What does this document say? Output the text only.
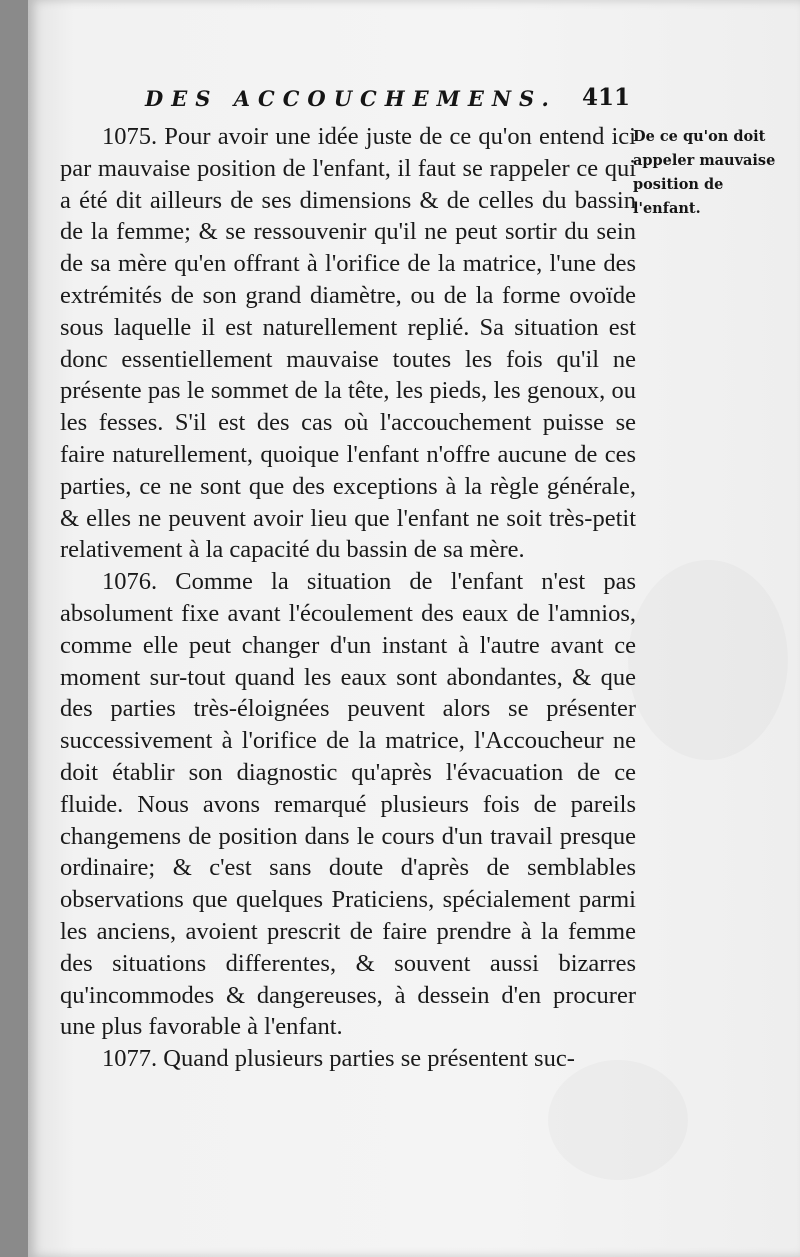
DES ACCOUCHEMENS. 411
De ce qu'on doit appeler mauvaise position de l'enfant.

1075. Pour avoir une idée juste de ce qu'on entend ici par mauvaise position de l'enfant, il faut se rappeler ce qui a été dit ailleurs de ses dimensions & de celles du bassin de la femme; & se ressouvenir qu'il ne peut sortir du sein de sa mère qu'en offrant à l'orifice de la matrice, l'une des extrémités de son grand diamètre, ou de la forme ovoïde sous laquelle il est naturellement replié. Sa situation est donc essentiellement mauvaise toutes les fois qu'il ne présente pas le sommet de la tête, les pieds, les genoux, ou les fesses. S'il est des cas où l'accouchement puisse se faire naturellement, quoique l'enfant n'offre aucune de ces parties, ce ne sont que des exceptions à la règle générale, & elles ne peuvent avoir lieu que l'enfant ne soit très-petit relativement à la capacité du bassin de sa mère.

1076. Comme la situation de l'enfant n'est pas absolument fixe avant l'écoulement des eaux de l'amnios, comme elle peut changer d'un instant à l'autre avant ce moment sur-tout quand les eaux sont abondantes, & que des parties très-éloignées peuvent alors se présenter successivement à l'orifice de la matrice, l'Accoucheur ne doit établir son diagnostic qu'après l'évacuation de ce fluide. Nous avons remarqué plusieurs fois de pareils changemens de position dans le cours d'un travail presque ordinaire; & c'est sans doute d'après de semblables observations que quelques Praticiens, spécialement parmi les anciens, avoient prescrit de faire prendre à la femme des situations differentes, & souvent aussi bizarres qu'incommodes & dangereuses, à dessein d'en procurer une plus favorable à l'enfant.

1077. Quand plusieurs parties se présentent suc-
